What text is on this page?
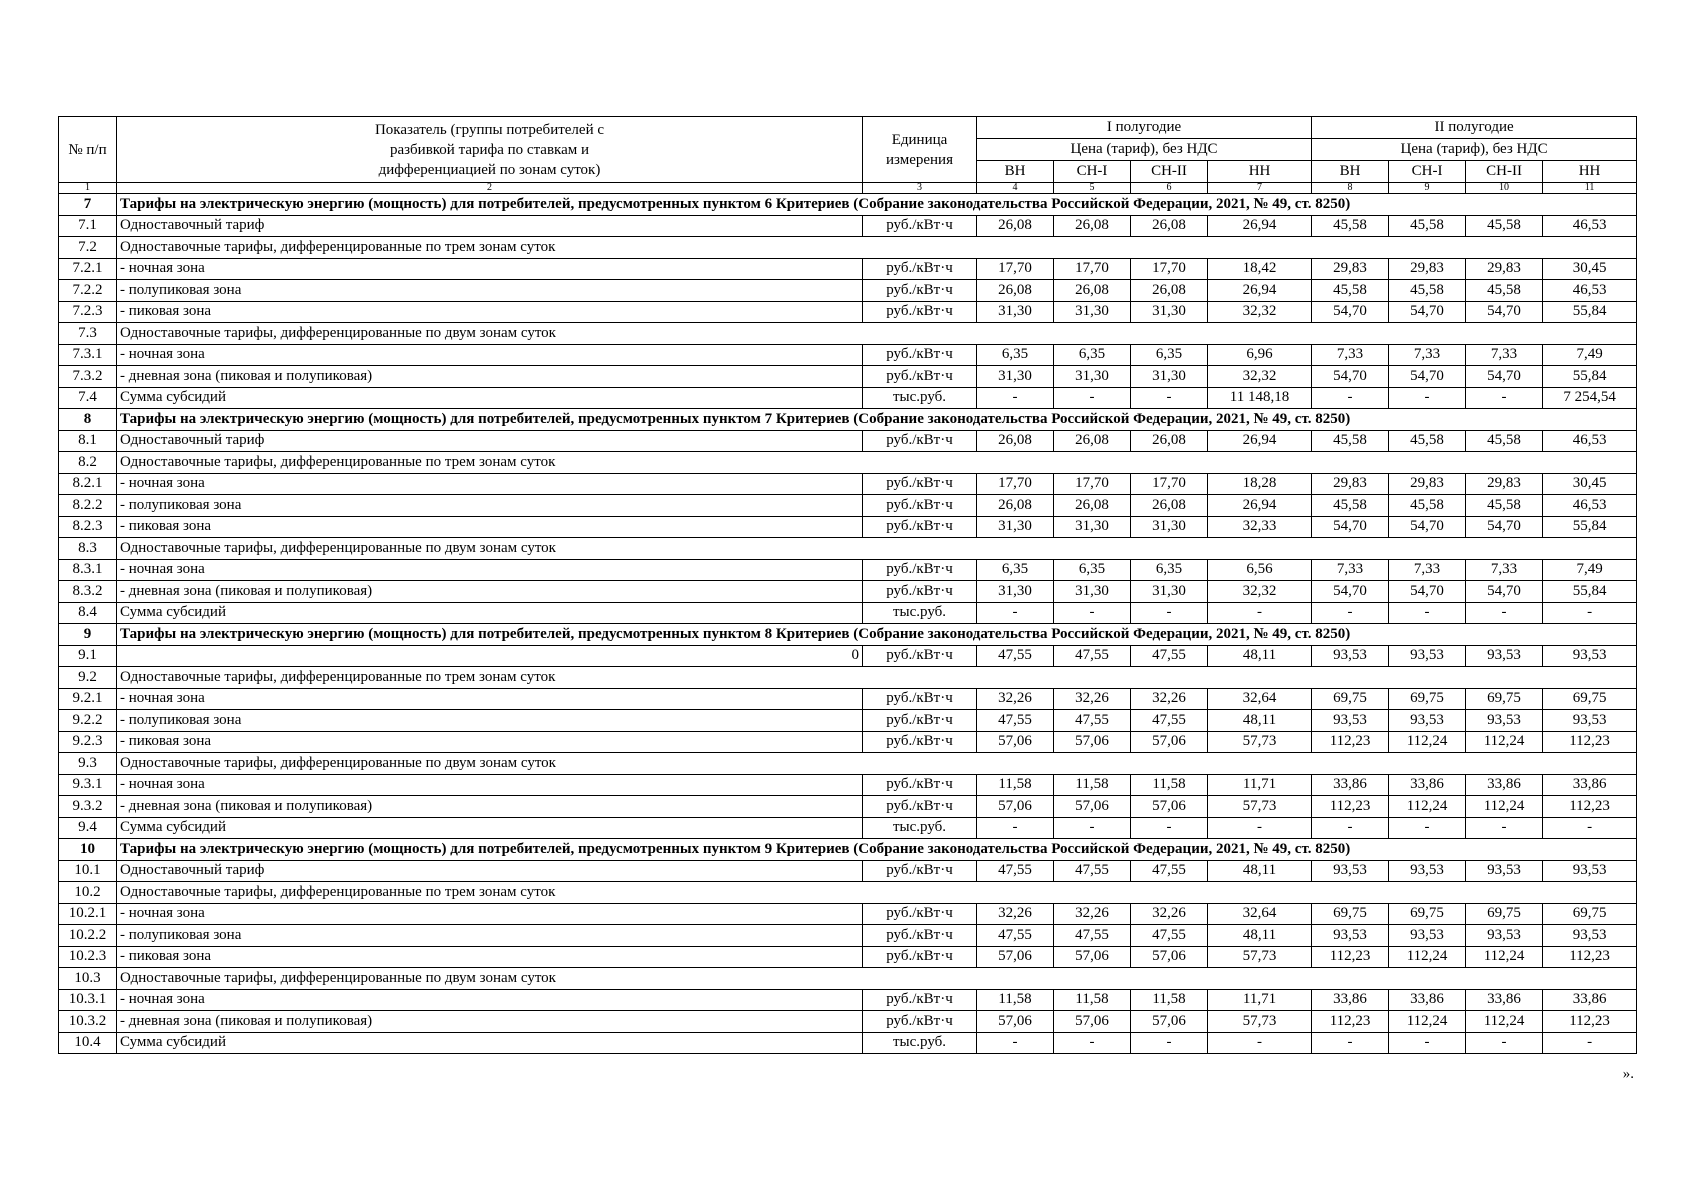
№ п/п	Показатель (группы потребителей с разбивкой тарифа по ставкам и дифференциацией по зонам суток)	Единица измерения	I полугодие				II полугодие			
			Цена (тариф), без НДС				Цена (тариф), без НДС			
			ВН	СН-I	СН-II	НН	ВН	СН-I	СН-II	НН
1	2	3	4	5	6	7	8	9	10	11
7	Тарифы на электрическую энергию (мощность) для потребителей, предусмотренных пунктом 6 Критериев (Собрание законодательства Российской Федерации, 2021, № 49, ст. 8250)									
7.1	Одноставочный тариф	руб./кВт·ч	26,08	26,08	26,08	26,94	45,58	45,58	45,58	46,53
7.2	Одноставочные тарифы, дифференцированные по трем зонам суток									
7.2.1	- ночная зона	руб./кВт·ч	17,70	17,70	17,70	18,42	29,83	29,83	29,83	30,45
7.2.2	- полупиковая зона	руб./кВт·ч	26,08	26,08	26,08	26,94	45,58	45,58	45,58	46,53
7.2.3	- пиковая зона	руб./кВт·ч	31,30	31,30	31,30	32,32	54,70	54,70	54,70	55,84
7.3	Одноставочные тарифы, дифференцированные по двум зонам суток									
7.3.1	- ночная зона	руб./кВт·ч	6,35	6,35	6,35	6,96	7,33	7,33	7,33	7,49
7.3.2	- дневная зона (пиковая и полупиковая)	руб./кВт·ч	31,30	31,30	31,30	32,32	54,70	54,70	54,70	55,84
7.4	Сумма субсидий	тыс.руб.	-	-	-	11 148,18	-	-	-	7 254,54
8	Тарифы на электрическую энергию (мощность) для потребителей, предусмотренных пунктом 7 Критериев (Собрание законодательства Российской Федерации, 2021, № 49, ст. 8250)									
8.1	Одноставочный тариф	руб./кВт·ч	26,08	26,08	26,08	26,94	45,58	45,58	45,58	46,53
8.2	Одноставочные тарифы, дифференцированные по трем зонам суток									
8.2.1	- ночная зона	руб./кВт·ч	17,70	17,70	17,70	18,28	29,83	29,83	29,83	30,45
8.2.2	- полупиковая зона	руб./кВт·ч	26,08	26,08	26,08	26,94	45,58	45,58	45,58	46,53
8.2.3	- пиковая зона	руб./кВт·ч	31,30	31,30	31,30	32,33	54,70	54,70	54,70	55,84
8.3	Одноставочные тарифы, дифференцированные по двум зонам суток									
8.3.1	- ночная зона	руб./кВт·ч	6,35	6,35	6,35	6,56	7,33	7,33	7,33	7,49
8.3.2	- дневная зона (пиковая и полупиковая)	руб./кВт·ч	31,30	31,30	31,30	32,32	54,70	54,70	54,70	55,84
8.4	Сумма субсидий	тыс.руб.	-	-	-	-	-	-	-	-
9	Тарифы на электрическую энергию (мощность) для потребителей, предусмотренных пунктом 8 Критериев (Собрание законодательства Российской Федерации, 2021, № 49, ст. 8250)									
9.1	0	руб./кВт·ч	47,55	47,55	47,55	48,11	93,53	93,53	93,53	93,53
9.2	Одноставочные тарифы, дифференцированные по трем зонам суток									
9.2.1	- ночная зона	руб./кВт·ч	32,26	32,26	32,26	32,64	69,75	69,75	69,75	69,75
9.2.2	- полупиковая зона	руб./кВт·ч	47,55	47,55	47,55	48,11	93,53	93,53	93,53	93,53
9.2.3	- пиковая зона	руб./кВт·ч	57,06	57,06	57,06	57,73	112,23	112,24	112,24	112,23
9.3	Одноставочные тарифы, дифференцированные по двум зонам суток									
9.3.1	- ночная зона	руб./кВт·ч	11,58	11,58	11,58	11,71	33,86	33,86	33,86	33,86
9.3.2	- дневная зона (пиковая и полупиковая)	руб./кВт·ч	57,06	57,06	57,06	57,73	112,23	112,24	112,24	112,23
9.4	Сумма субсидий	тыс.руб.	-	-	-	-	-	-	-	-
10	Тарифы на электрическую энергию (мощность) для потребителей, предусмотренных пунктом 9 Критериев (Собрание законодательства Российской Федерации, 2021, № 49, ст. 8250)									
10.1	Одноставочный тариф	руб./кВт·ч	47,55	47,55	47,55	48,11	93,53	93,53	93,53	93,53
10.2	Одноставочные тарифы, дифференцированные по трем зонам суток									
10.2.1	- ночная зона	руб./кВт·ч	32,26	32,26	32,26	32,64	69,75	69,75	69,75	69,75
10.2.2	- полупиковая зона	руб./кВт·ч	47,55	47,55	47,55	48,11	93,53	93,53	93,53	93,53
10.2.3	- пиковая зона	руб./кВт·ч	57,06	57,06	57,06	57,73	112,23	112,24	112,24	112,23
10.3	Одноставочные тарифы, дифференцированные по двум зонам суток									
10.3.1	- ночная зона	руб./кВт·ч	11,58	11,58	11,58	11,71	33,86	33,86	33,86	33,86
10.3.2	- дневная зона (пиковая и полупиковая)	руб./кВт·ч	57,06	57,06	57,06	57,73	112,23	112,24	112,24	112,23
10.4	Сумма субсидий	тыс.руб.	-	-	-	-	-	-	-	-
».
